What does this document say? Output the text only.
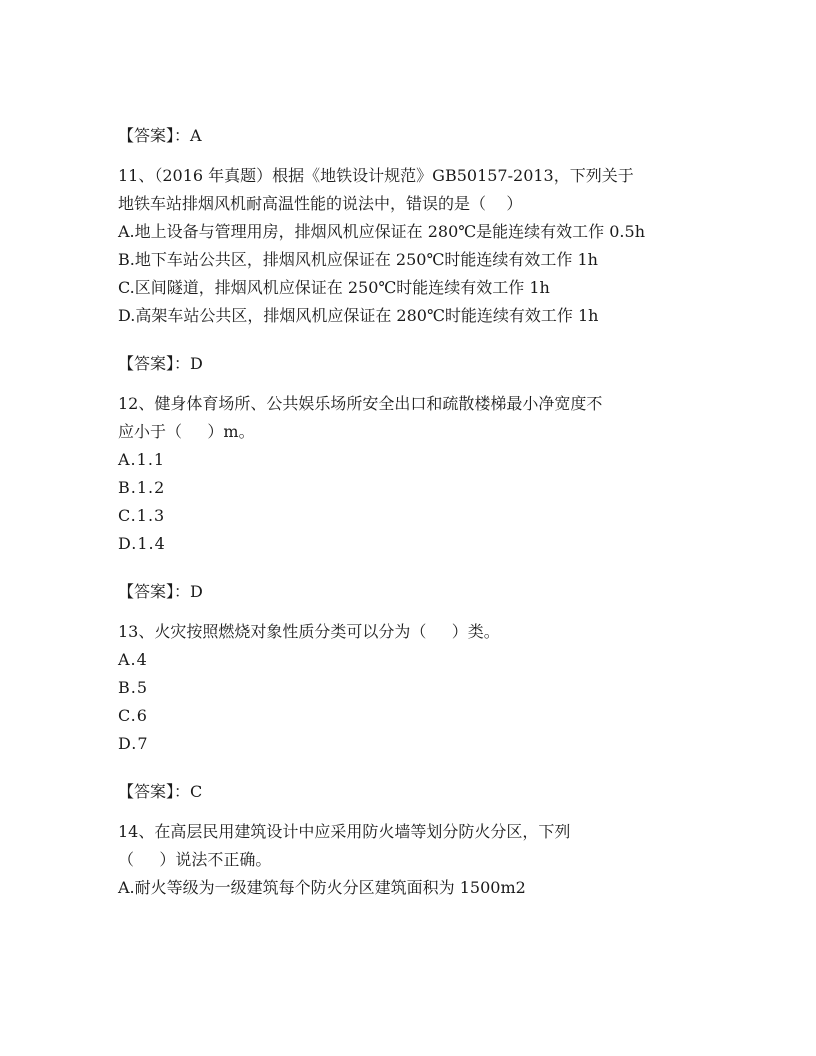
【答案】：A
11、（2016 年真题）根据《地铁设计规范》GB50157-2013，下列关于
地铁车站排烟风机耐高温性能的说法中，错误的是（    ）
A.地上设备与管理用房，排烟风机应保证在 280℃是能连续有效工作 0.5h
B.地下车站公共区，排烟风机应保证在 250℃时能连续有效工作 1h
C.区间隧道，排烟风机应保证在 250℃时能连续有效工作 1h
D.高架车站公共区，排烟风机应保证在 280℃时能连续有效工作 1h
【答案】：D
12、健身体育场所、公共娱乐场所安全出口和疏散楼梯最小净宽度不
应小于（     ）m。
A.1.1
B.1.2
C.1.3
D.1.4
【答案】：D
13、火灾按照燃烧对象性质分类可以分为（     ）类。
A.4
B.5
C.6
D.7
【答案】：C
14、在高层民用建筑设计中应采用防火墙等划分防火分区，下列
（     ）说法不正确。
A.耐火等级为一级建筑每个防火分区建筑面积为 1500m2
